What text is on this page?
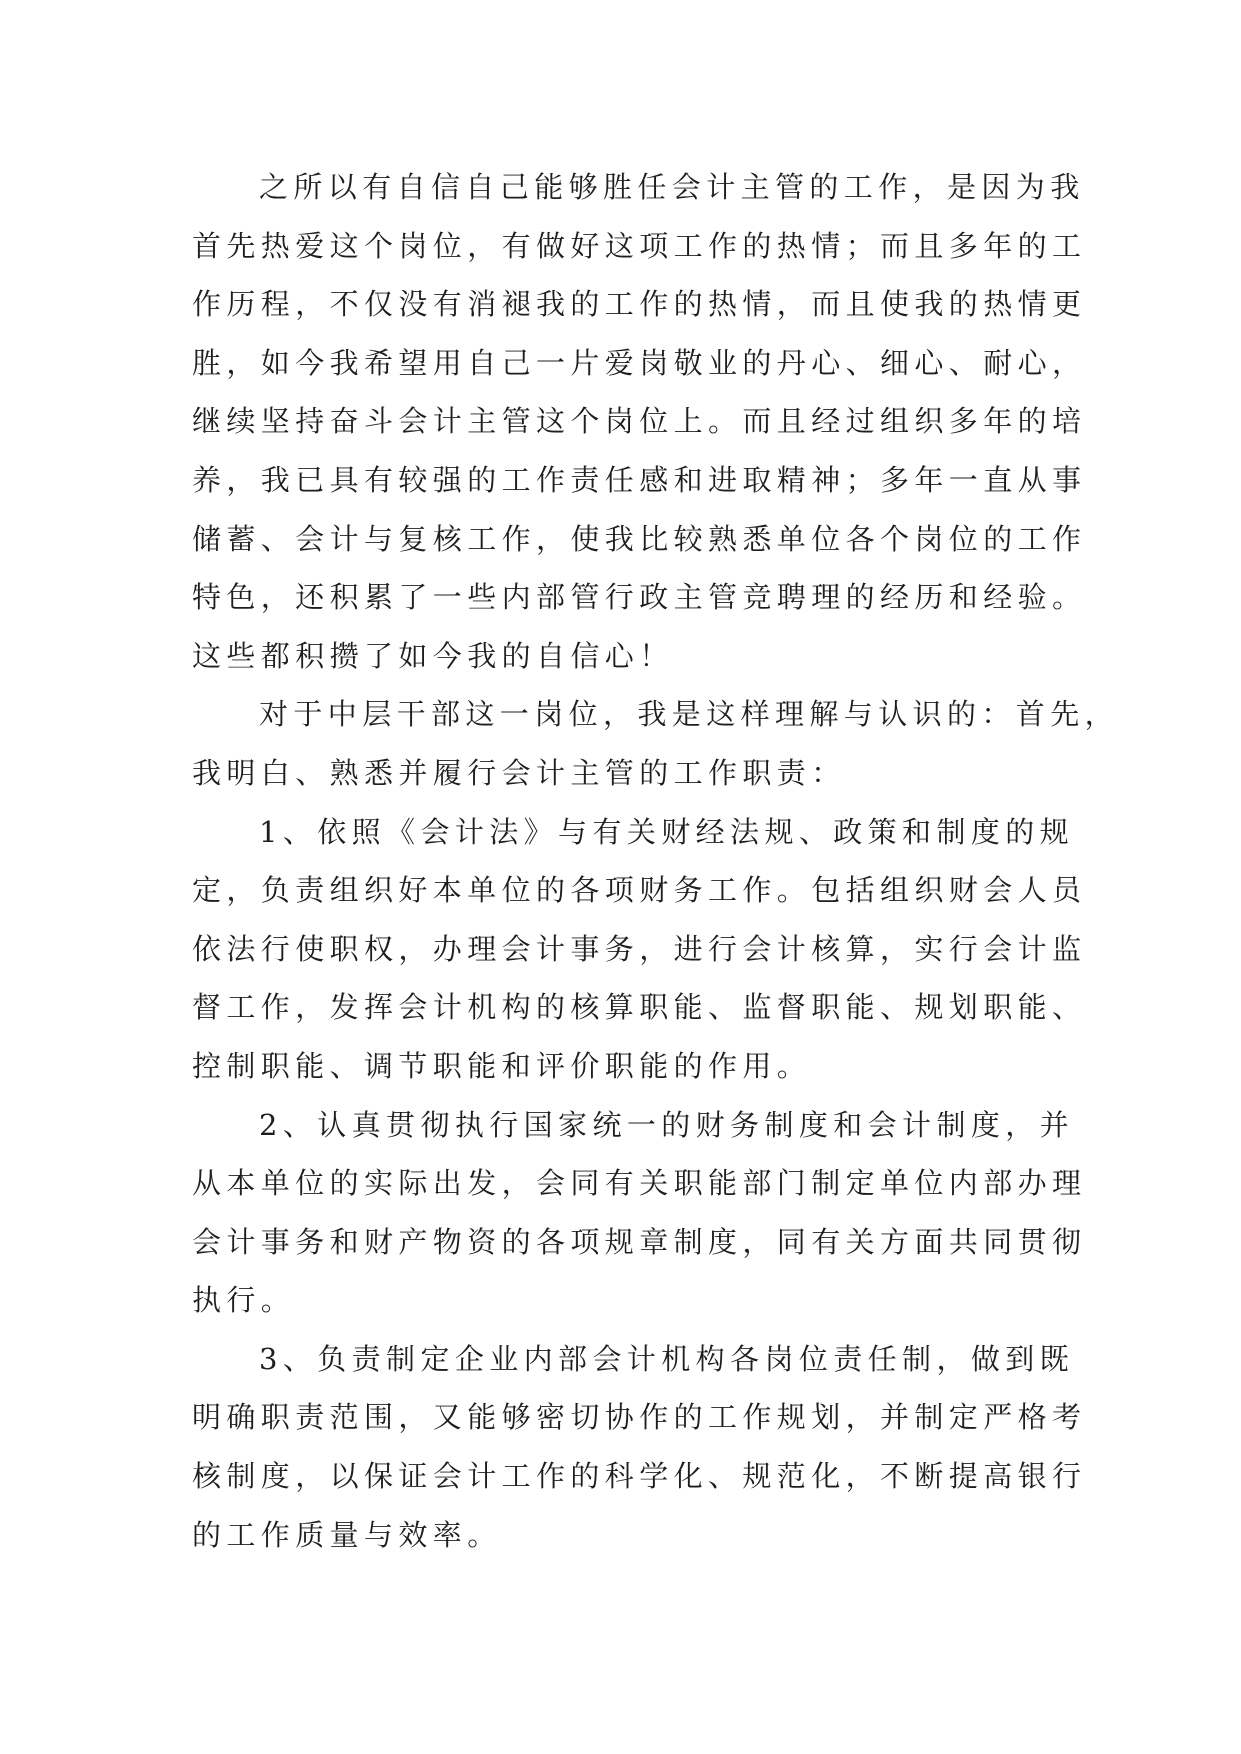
之所以有自信自己能够胜任会计主管的工作，是因为我
首先热爱这个岗位，有做好这项工作的热情；而且多年的工
作历程，不仅没有消褪我的工作的热情，而且使我的热情更
胜，如今我希望用自己一片爱岗敬业的丹心、细心、耐心，
继续坚持奋斗会计主管这个岗位上。而且经过组织多年的培
养，我已具有较强的工作责任感和进取精神；多年一直从事
储蓄、会计与复核工作，使我比较熟悉单位各个岗位的工作
特色，还积累了一些内部管行政主管竞聘理的经历和经验。
这些都积攒了如今我的自信心！
对于中层干部这一岗位，我是这样理解与认识的：首先，
我明白、熟悉并履行会计主管的工作职责：
1、依照《会计法》与有关财经法规、政策和制度的规
定，负责组织好本单位的各项财务工作。包括组织财会人员
依法行使职权，办理会计事务，进行会计核算，实行会计监
督工作，发挥会计机构的核算职能、监督职能、规划职能、
控制职能、调节职能和评价职能的作用。
2、认真贯彻执行国家统一的财务制度和会计制度，并
从本单位的实际出发，会同有关职能部门制定单位内部办理
会计事务和财产物资的各项规章制度，同有关方面共同贯彻
执行。
3、负责制定企业内部会计机构各岗位责任制，做到既
明确职责范围，又能够密切协作的工作规划，并制定严格考
核制度，以保证会计工作的科学化、规范化，不断提高银行
的工作质量与效率。
